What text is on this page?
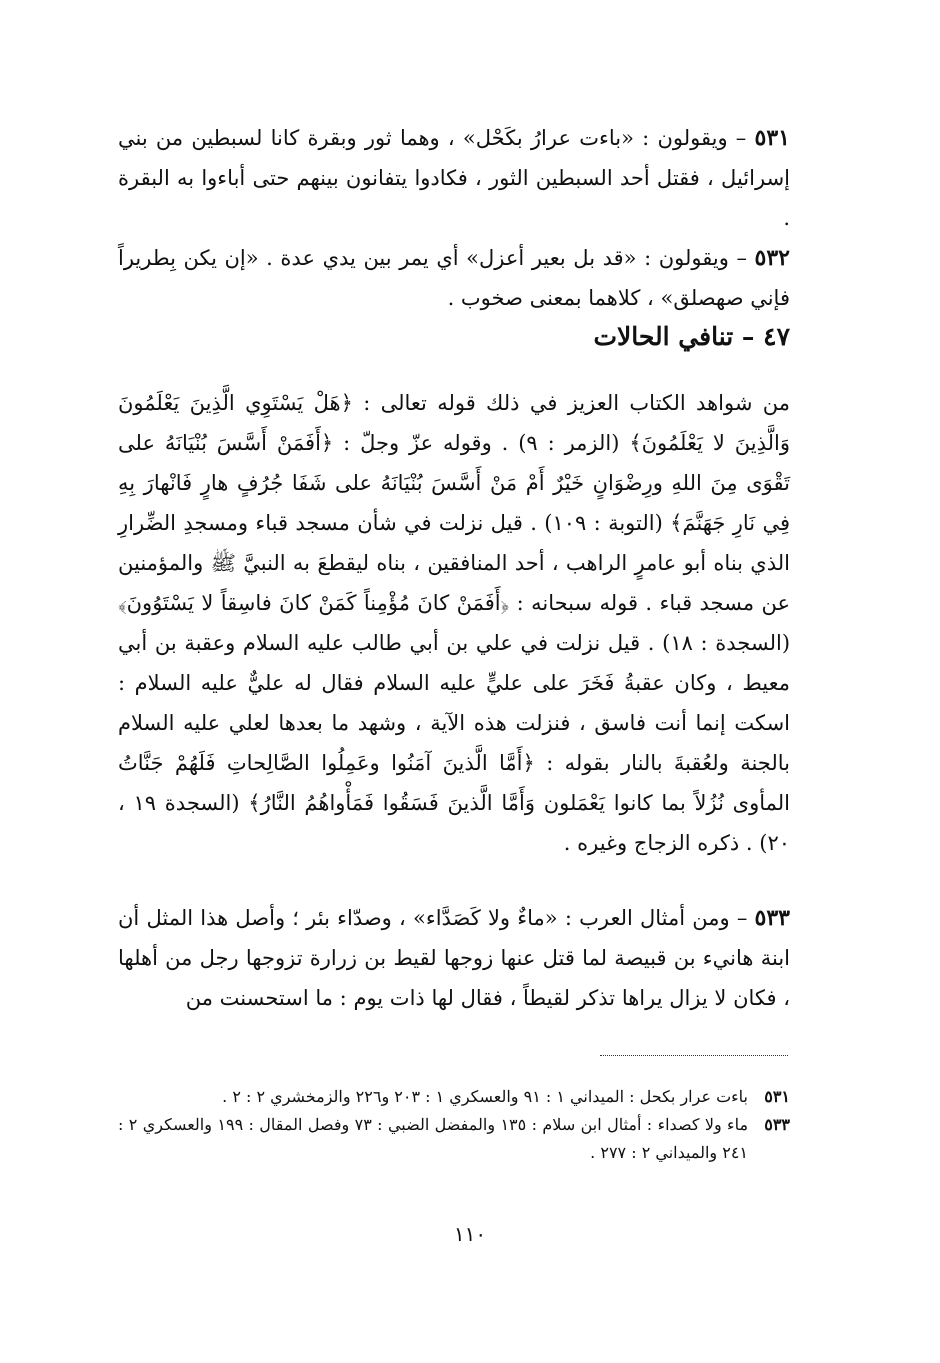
٥٣١ – ويقولون : «باءت عرارُ بكَحْل» ، وهما ثور وبقرة كانا لسبطين من بني إسرائيل ، فقتل أحد السبطين الثور ، فكادوا يتفانون بينهم حتى أباءوا به البقرة .

٥٣٢ – ويقولون : «قد بل بعير أعزل» أي يمر بين يدي عدة . «إن يكن بِطريراً فإني صهصلق» ، كلاهما بمعنى صخوب .

٤٧ – تنافي الحالات

من شواهد الكتاب العزيز في ذلك قوله تعالى : ﴿هَلْ يَسْتَوِي الَّذِينَ يَعْلَمُونَ وَالَّذِينَ لا يَعْلَمُونَ﴾ (الزمر : ٩) . وقوله عزّ وجلّ : ﴿أَفَمَنْ أَسَّسَ بُنْيَانَهُ على تَقْوَى مِنَ اللهِ ورِضْوَانٍ خَيْرٌ أَمْ مَنْ أَسَّسَ بُنْيَانَهُ على شَفَا جُرُفٍ هارٍ فَانْهارَ بِهِ فِي نَارِ جَهَنَّمَ﴾ (التوبة : ١٠٩) . قيل نزلت في شأن مسجد قباء ومسجدِ الضِّرارِ الذي بناه أبو عامرٍ الراهب ، أحد المنافقين ، بناه ليقطعَ به النبيَّ ﷺ والمؤمنين عن مسجد قباء . قوله سبحانه : ﴿أَفَمَنْ كانَ مُؤْمِناً كَمَنْ كانَ فاسِقاً لا يَسْتَوُونَ﴾ (السجدة : ١٨) . قيل نزلت في علي بن أبي طالب عليه السلام وعقبة بن أبي معيط ، وكان عقبةُ فَخَرَ على عليٍّ عليه السلام فقال له عليٌّ عليه السلام : اسكت إنما أنت فاسق ، فنزلت هذه الآية ، وشهد ما بعدها لعلي عليه السلام بالجنة ولعُقبةَ بالنار بقوله : ﴿أَمَّا الَّذينَ آمَنُوا وعَمِلُوا الصَّالِحاتِ فَلَهُمْ جَنَّاتُ المأوى نُزُلاً بما كانوا يَعْمَلون وَأَمَّا الَّذينَ فَسَقُوا فَمَأْواهُمُ النَّارُ﴾ (السجدة ١٩ ، ٢٠) . ذكره الزجاج وغيره .

٥٣٣ – ومن أمثال العرب : «ماءٌ ولا كَصَدَّاء» ، وصدّاء بئر ؛ وأصل هذا المثل أن ابنة هانيء بن قبيصة لما قتل عنها زوجها لقيط بن زرارة تزوجها رجل من أهلها ، فكان لا يزال يراها تذكر لقيطاً ، فقال لها ذات يوم : ما استحسنت من

٥٣١
باءت عرار بكحل : الميداني ١ : ٩١ والعسكري ١ : ٢٠٣ و٢٢٦ والزمخشري ٢ : ٢ .
٥٣٣
ماء ولا كصداء : أمثال ابن سلام : ١٣٥ والمفضل الضبي : ٧٣ وفصل المقال : ١٩٩ والعسكري ٢ : ٢٤١ والميداني ٢ : ٢٧٧ .
١١٠
